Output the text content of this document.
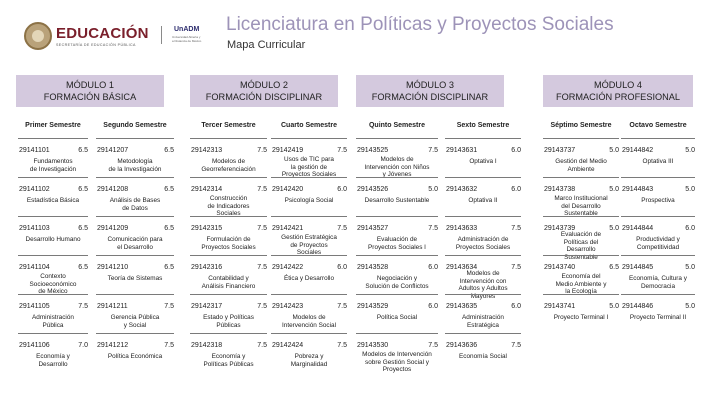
EDUCACIÓN
SECRETARÍA DE EDUCACIÓN PÚBLICA
UnADM
Universidad Abierta y a Distancia de México
Licenciatura en Políticas y Proyectos Sociales
Mapa Curricular
MÓDULO 1
FORMACIÓN BÁSICA
MÓDULO 2
FORMACIÓN DISCIPLINAR
MÓDULO 3
FORMACIÓN DISCIPLINAR
MÓDULO 4
FORMACIÓN PROFESIONAL
Primer Semestre
29141101	6.5
Fundamentos
de Investigación
29141102	6.5
Estadística Básica
29141103	6.5
Desarrollo Humano
29141104	6.5
Contexto
Socioeconómico
de México
29141105	7.5
Administración
Pública
29141106	7.0
Economía y
Desarrollo
Segundo Semestre
29141207	6.5
Metodología
de la Investigación
29141208	6.5
Análisis de Bases
de Datos
29141209	6.5
Comunicación para
el Desarrollo
29141210	6.5
Teoría de Sistemas
29141211	7.5
Gerencia Pública
y Social
29141212	7.5
Política Económica
Tercer Semestre
29142313	7.5
Modelos de
Georreferenciación
29142314	7.5
Construcción
de Indicadores
Sociales
29142315	7.5
Formulación de
Proyectos Sociales
29142316	7.5
Contabilidad y
Análisis Financiero
29142317	7.5
Estado y Políticas
Públicas
29142318	7.5
Economía y
Políticas Públicas
Cuarto Semestre
29142419	7.5
Usos de TIC para
la gestión de
Proyectos Sociales
29142420	6.0
Psicología Social
29142421	7.5
Gestión Estratégica
de Proyectos
Sociales
29142422	6.0
Ética y Desarrollo
29142423	7.5
Modelos de
Intervención Social
29142424	7.5
Pobreza y
Marginalidad
Quinto Semestre
29143525	7.5
Modelos de
Intervención con Niños
y Jóvenes
29143526	5.0
Desarrollo Sustentable
29143527	7.5
Evaluación de
Proyectos Sociales I
29143528	6.0
Negociación y
Solución de Conflictos
29143529	6.0
Política Social
29143530	7.5
Modelos de Intervención
sobre Gestión Social y
Proyectos
Sexto Semestre
29143631	6.0
Optativa I
29143632	6.0
Optativa II
29143633	7.5
Administración de
Proyectos Sociales
29143634	7.5
Modelos de
Intervención con
Adultos y Adultos
Mayores
29143635	6.0
Administración
Estratégica
29143636	7.5
Economía Social
Séptimo Semestre
29143737	5.0
Gestión del Medio
Ambiente
29143738	5.0
Marco Institucional
del Desarrollo
Sustentable
29143739	5.0
Evaluación de
Políticas del
Desarrollo
Sustentable
29143740	6.5
Economía del
Medio Ambiente y
la Ecología
29143741	5.0
Proyecto Terminal I
Octavo Semestre
29144842	5.0
Optativa III
29144843	5.0
Prospectiva
29144844	6.0
Productividad y
Competitividad
29144845	5.0
Economía, Cultura y
Democracia
29144846	5.0
Proyecto Terminal II
